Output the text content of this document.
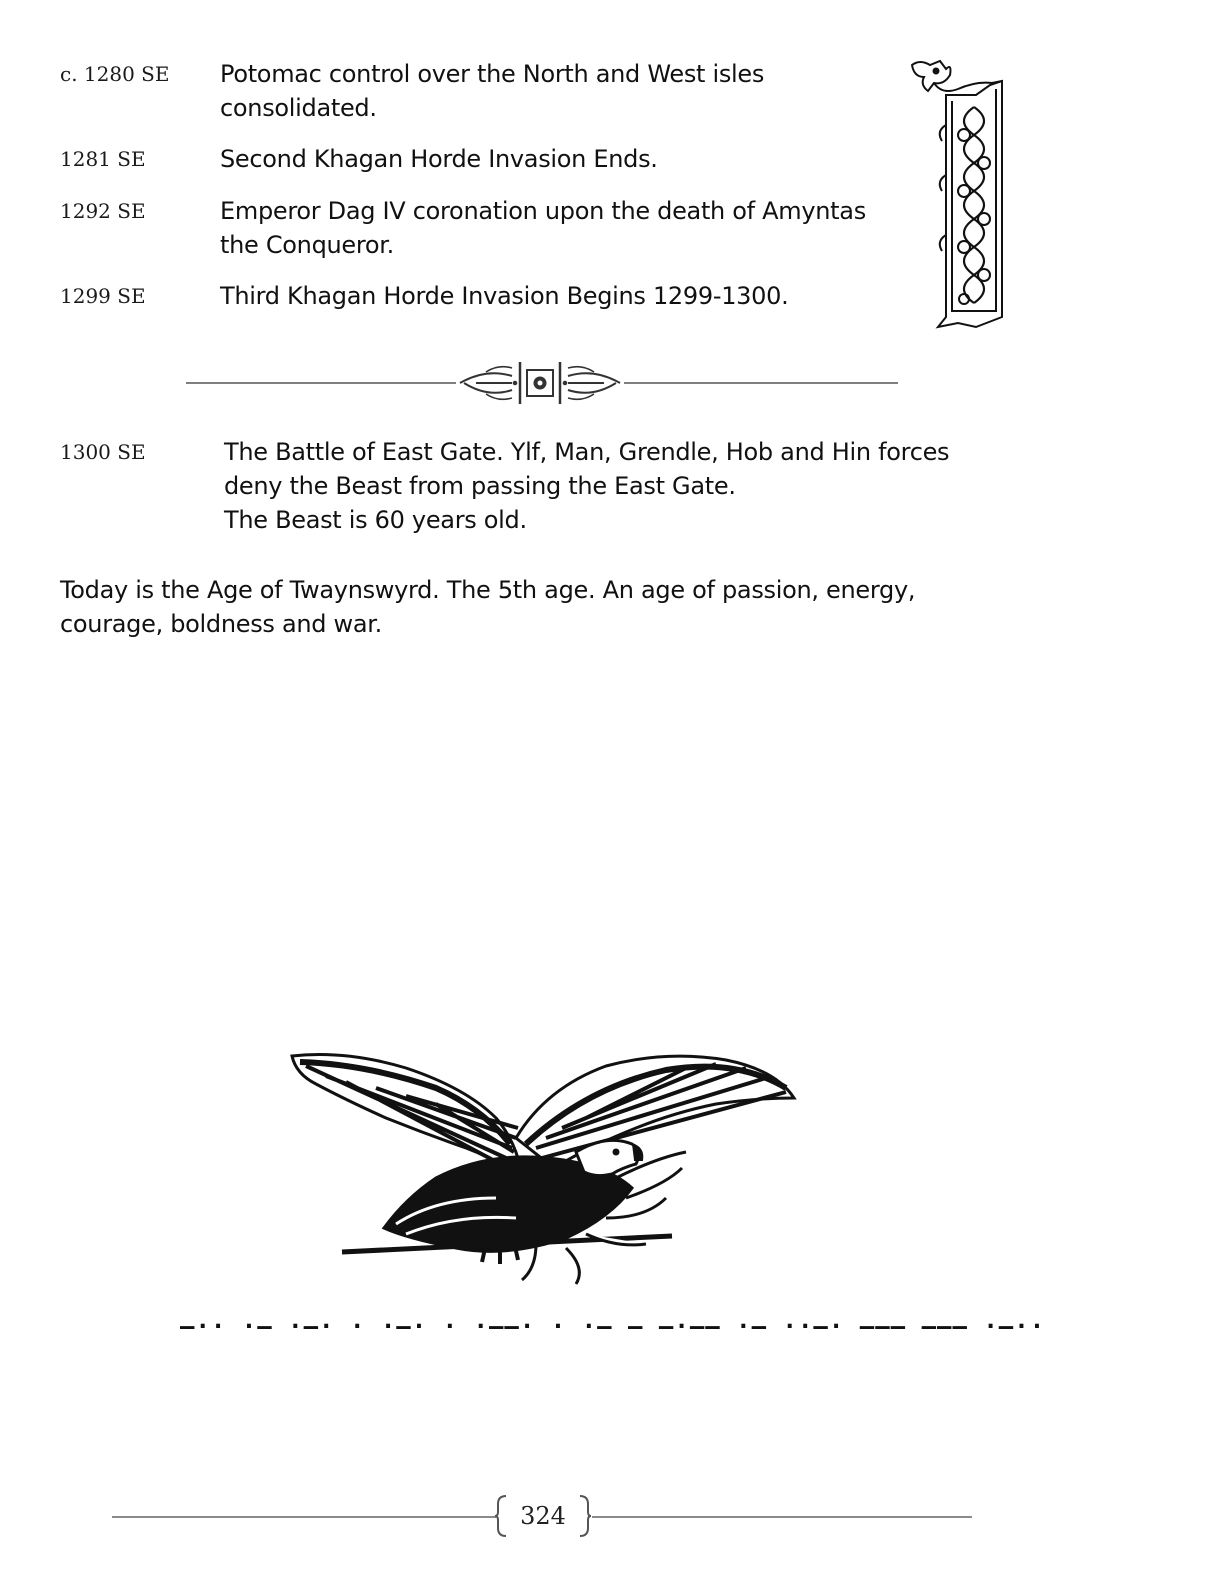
c. 1280 SE Potomac control over the North and West isles
consolidated.
1281 SE	Second Khagan Horde Invasion Ends.
1292 SE	Emperor Dag IV coronation upon the death of Amyntas
the Conqueror.
1299 SE	Third Khagan Horde Invasion Begins 1299-1300.
1300 SE	The Battle of East Gate. Ylf, Man, Grendle, Hob and Hin forces
deny the Beast from passing the East Gate.
The Beast is 60 years old.
Today is the Age of Twaynswyrd. The 5th age. An age of passion, energy,
courage, boldness and war.
–·· ·– ·–· · ·–· · ·––· · ·– – –·–– ·– ··–· ––– ––– ·–··
324
